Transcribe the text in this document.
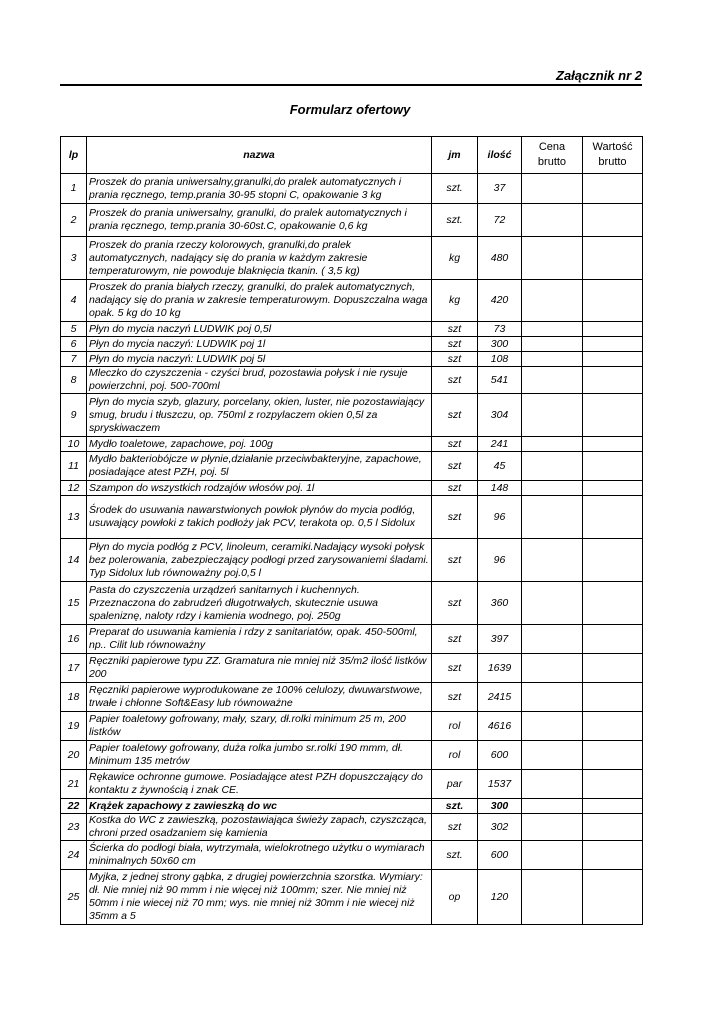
Załącznik nr 2
Formularz ofertowy
lp	nazwa	jm	ilość	Cena brutto	Wartość brutto
1	Proszek do prania uniwersalny,granulki,do pralek automatycznych i prania ręcznego, temp.prania 30-95 stopni C, opakowanie 3 kg	szt.	37		
2	Proszek do prania uniwersalny, granulki, do pralek automatycznych i prania ręcznego, temp.prania 30-60st.C, opakowanie 0,6 kg	szt.	72		
3	Proszek do prania rzeczy kolorowych, granulki,do pralek automatycznych, nadający się do prania w każdym zakresie temperaturowym, nie powoduje blaknięcia tkanin. ( 3,5 kg)	kg	480		
4	Proszek do prania białych rzeczy, granulki, do pralek automatycznych, nadający się do prania w zakresie temperaturowym. Dopuszczalna waga opak. 5 kg do 10 kg	kg	420		
5	Płyn do mycia naczyń LUDWIK poj 0,5l	szt	73		
6	Płyn do mycia naczyń: LUDWIK poj 1l	szt	300		
7	Płyn do mycia naczyń: LUDWIK poj 5l	szt	108		
8	Mleczko do czyszczenia - czyści brud, pozostawia połysk i nie rysuje powierzchni, poj. 500-700ml	szt	541		
9	Płyn do mycia szyb, glazury, porcelany, okien, luster, nie pozostawiający smug, brudu i tłuszczu, op. 750ml z rozpylaczem okien 0,5l za spryskiwaczem	szt	304		
10	Mydło toaletowe, zapachowe, poj. 100g	szt	241		
11	Mydło bakteriobójcze w płynie,działanie przeciwbakteryjne, zapachowe, posiadające atest PZH, poj. 5l	szt	45		
12	Szampon do wszystkich rodzajów włosów poj. 1l	szt	148		
13	Środek do usuwania nawarstwionych powłok płynów do mycia podłóg, usuwający powłoki z takich podłoży jak PCV, terakota op. 0,5 l Sidolux	szt	96		
14	Płyn do mycia podłóg z PCV, linoleum, ceramiki.Nadający wysoki połysk bez polerowania, zabezpieczający podłogi przed zarysowaniemi śladami. Typ Sidolux lub równoważny poj.0,5 l	szt	96		
15	Pasta do czyszczenia urządzeń sanitarnych i kuchennych. Przeznaczona do zabrudzeń długotrwałych, skutecznie usuwa spaleniznę, naloty rdzy i kamienia wodnego, poj. 250g	szt	360		
16	Preparat do usuwania kamienia i rdzy z sanitariatów, opak. 450-500ml, np.. Cilit lub równoważny	szt	397		
17	Ręczniki papierowe typu ZZ. Gramatura nie mniej niż 35/m2 ilość listków 200	szt	1639		
18	Ręczniki papierowe wyprodukowane ze 100% celulozy, dwuwarstwowe, trwałe i chłonne Soft&Easy lub równoważne	szt	2415		
19	Papier toaletowy gofrowany, mały, szary, dł.rolki minimum 25 m, 200 listków	rol	4616		
20	Papier toaletowy gofrowany, duża rolka jumbo sr.rolki 190 mmm, dł. Minimum 135 metrów	rol	600		
21	Rękawice ochronne gumowe. Posiadające atest PZH dopuszczający do kontaktu z żywnością i znak CE.	par	1537		
22	Krążek zapachowy z zawieszką do wc	szt.	300		
23	Kostka do WC z zawieszką, pozostawiająca świeży zapach, czyszcząca, chroni przed osadzaniem się kamienia	szt	302		
24	Ścierka do podłogi biała, wytrzymała, wielokrotnego użytku o wymiarach minimalnych 50x60 cm	szt.	600		
25	Myjka, z jednej strony gąbka, z drugiej powierzchnia szorstka. Wymiary: dł. Nie mniej niż 90 mmm i nie więcej niż 100mm; szer. Nie mniej niż 50mm i nie wiecej niż 70 mm; wys. nie mniej niż 30mm i nie wiecej niż 35mm a 5	op	120		
